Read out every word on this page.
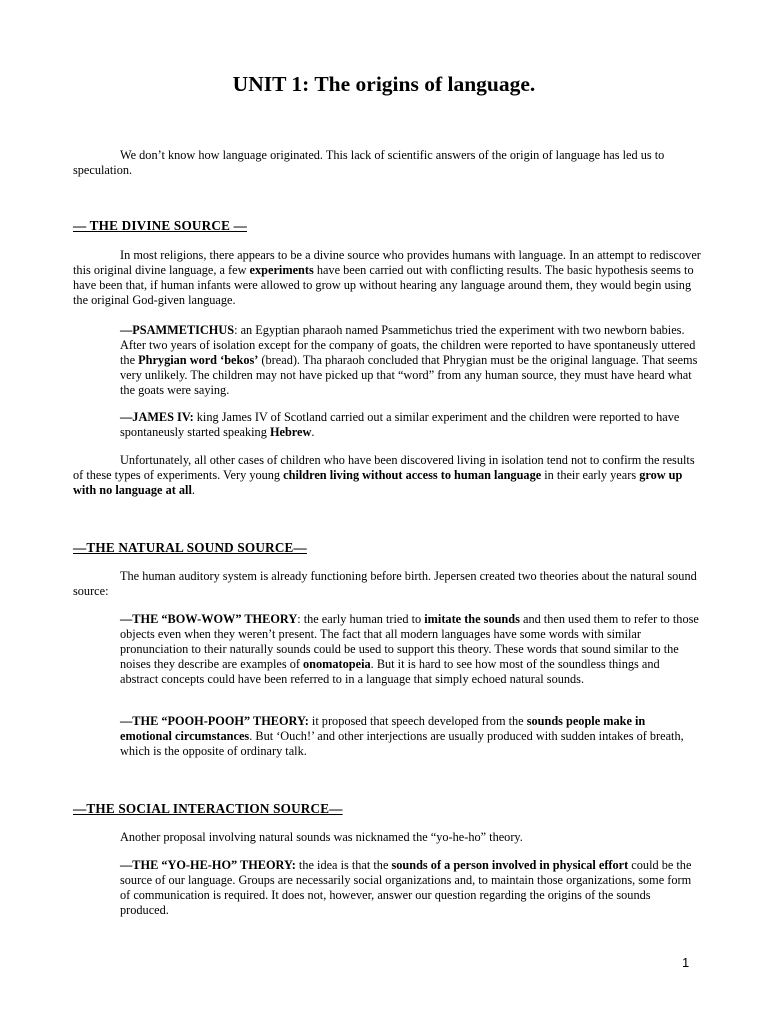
UNIT 1: The origins of language.

We don’t know how language originated. This lack of scientific answers of the origin of language has led us to speculation.

— THE DIVINE SOURCE —

In most religions, there appears to be a divine source who provides humans with language. In an attempt to rediscover this original divine language, a few experiments have been carried out with conflicting results. The basic hypothesis seems to have been that, if human infants were allowed to grow up without hearing any language around them, they would begin using the original God-given language.

—PSAMMETICHUS: an Egyptian pharaoh named Psammetichus tried the experiment with two newborn babies. After two years of isolation except for the company of goats, the children were reported to have spontaneusly uttered the Phrygian word ‘bekos’ (bread). Tha pharaoh concluded that Phrygian must be the original language. That seems very unlikely. The children may not have picked up that “word” from any human source, they must have heard what the goats were saying.

—JAMES IV: king James IV of Scotland carried out a similar experiment and the children were reported to have spontaneusly started speaking Hebrew.

Unfortunately, all other cases of children who have been discovered living in isolation tend not to confirm the results of these types of experiments. Very young children living without access to human language in their early years grow up with no language at all.

—THE NATURAL SOUND SOURCE—

The human auditory system is already functioning before birth. Jepersen created two theories about the natural sound source:

—THE “BOW-WOW” THEORY: the early human tried to imitate the sounds and then used them to refer to those objects even when they weren’t present. The fact that all modern languages have some words with similar pronunciation to their naturally sounds could be used to support this theory. These words that sound similar to the noises they describe are examples of onomatopeia. But it is hard to see how most of the soundless things and abstract concepts could have been referred to in a language that simply echoed natural sounds.

—THE “POOH-POOH” THEORY: it proposed that speech developed from the sounds people make in emotional circumstances. But ‘Ouch!’ and other interjections are usually produced with sudden intakes of breath, which is the opposite of ordinary talk.

—THE SOCIAL INTERACTION SOURCE—

Another proposal involving natural sounds was nicknamed the “yo-he-ho” theory.

—THE “YO-HE-HO” THEORY: the idea is that the sounds of a person involved in physical effort could be the source of our language. Groups are necessarily social organizations and, to maintain those organizations, some form of communication is required. It does not, however, answer our question regarding the origins of the sounds produced.

1
